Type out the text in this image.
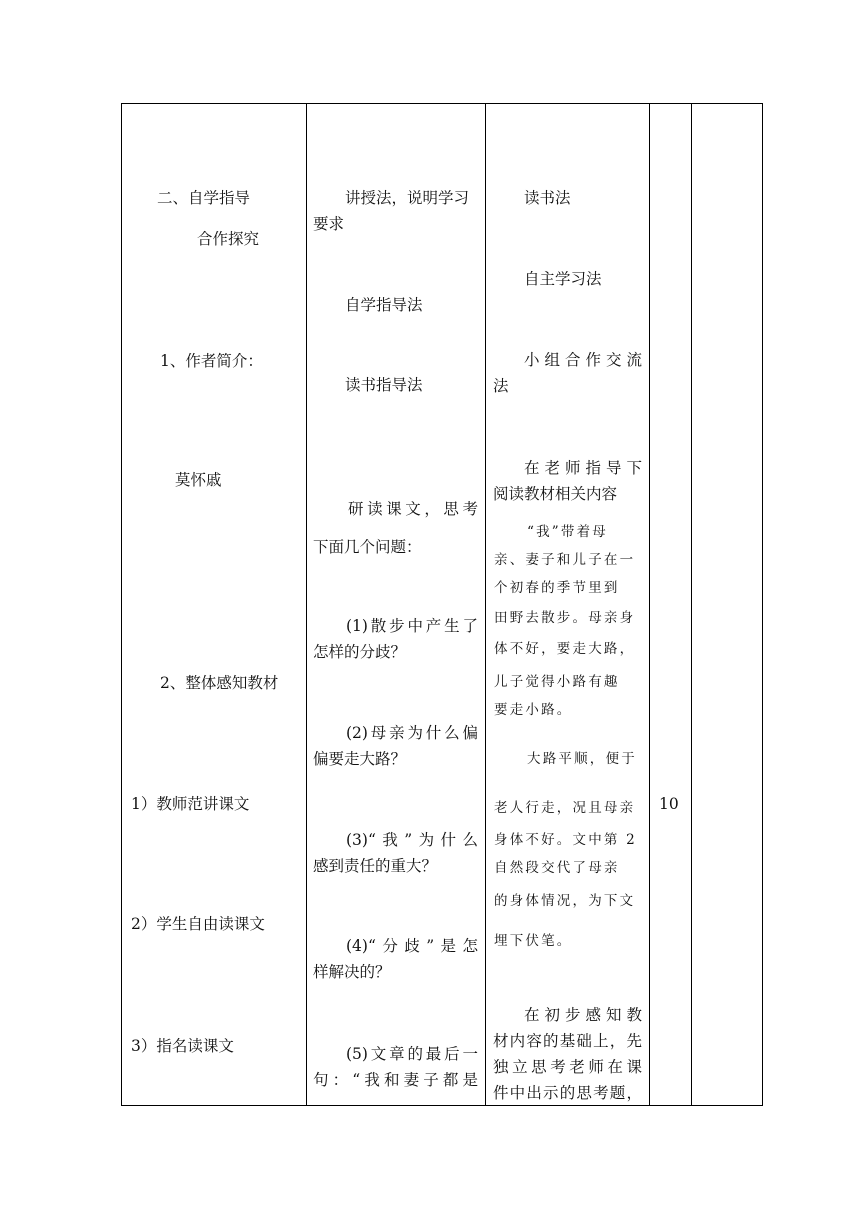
二、自学指导
合作探究
1、作者简介：
莫怀戚
2、整体感知教材
1）教师范讲课文
2）学生自由读课文
3）指名读课文
讲授法，说明学习
要求
自学指导法
读书指导法
研读课文，思考
下面几个问题：
(1)散步中产生了
怎样的分歧？
(2)母亲为什么偏
偏要走大路？
(3)“我”为什么
感到责任的重大？
(4)“分歧”是怎
样解决的？
(5)文章的最后一
句：“我和妻子都是
读书法
自主学习法
小组合作交流
法
在老师指导下
阅读教材相关内容
“我”带着母
亲、妻子和儿子在一
个初春的季节里到
田野去散步。母亲身
体不好，要走大路，
儿子觉得小路有趣
要走小路。
大路平顺，便于
老人行走，况且母亲
身体不好。文中第 2
自然段交代了母亲
的身体情况，为下文
埋下伏笔。
在初步感知教
材内容的基础上，先
独立思考老师在课
件中出示的思考题，
10
